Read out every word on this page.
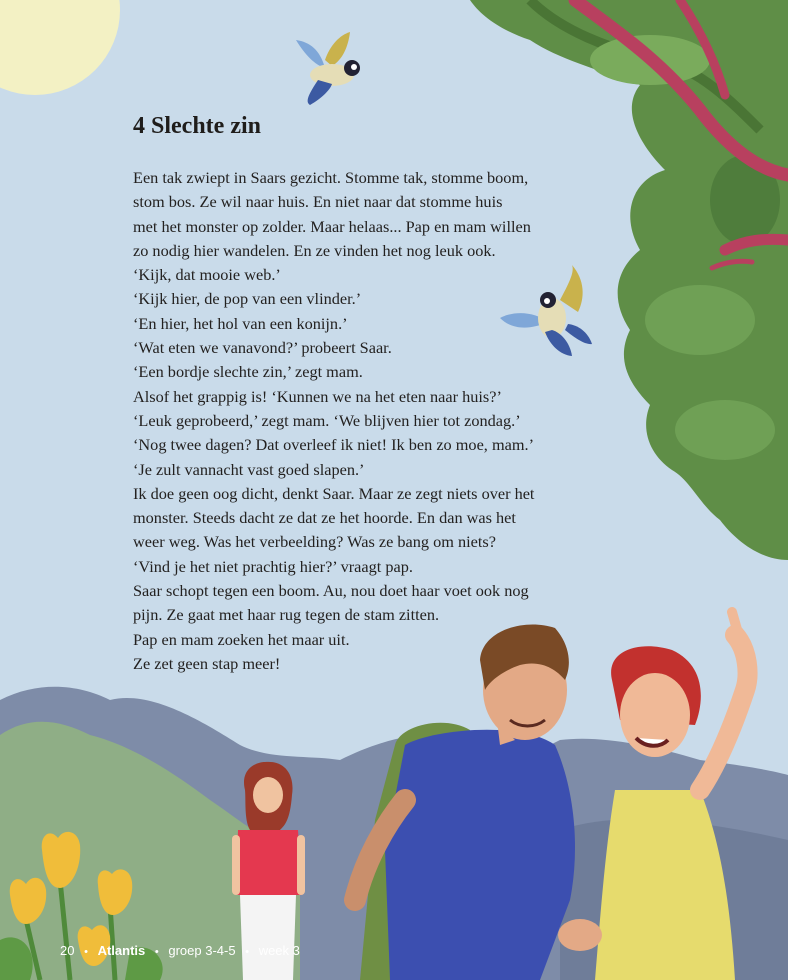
4 Slechte zin

Een tak zwiept in Saars gezicht. Stomme tak, stomme boom,

stom bos. Ze wil naar huis. En niet naar dat stomme huis

met het monster op zolder. Maar helaas... Pap en mam willen

zo nodig hier wandelen. En ze vinden het nog leuk ook.

‘Kijk, dat mooie web.’

‘Kijk hier, de pop van een vlinder.’

‘En hier, het hol van een konijn.’

‘Wat eten we vanavond?’ probeert Saar.

‘Een bordje slechte zin,’ zegt mam.

Alsof het grappig is! ‘Kunnen we na het eten naar huis?’

‘Leuk geprobeerd,’ zegt mam. ‘We blijven hier tot zondag.’

‘Nog twee dagen? Dat overleef ik niet! Ik ben zo moe, mam.’

‘Je zult vannacht vast goed slapen.’

Ik doe geen oog dicht, denkt Saar. Maar ze zegt niets over het

monster. Steeds dacht ze dat ze het hoorde. En dan was het

weer weg. Was het verbeelding? Was ze bang om niets?

‘Vind je het niet prachtig hier?’ vraagt pap.

Saar schopt tegen een boom. Au, nou doet haar voet ook nog

pijn. Ze gaat met haar rug tegen de stam zitten.

Pap en mam zoeken het maar uit.

Ze zet geen stap meer!

20 • Atlantis • groep 3-4-5 • week 3
